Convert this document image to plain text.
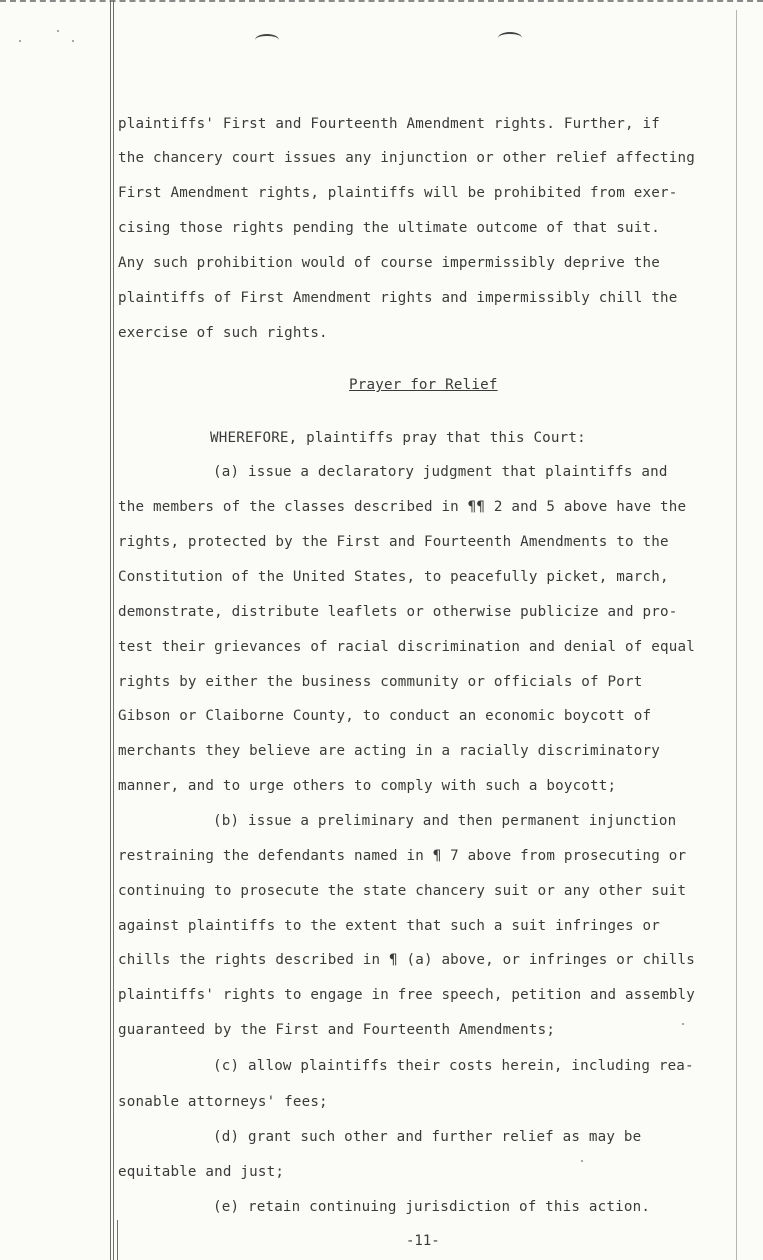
plaintiffs' First and Fourteenth Amendment rights. Further, if
the chancery court issues any injunction or other relief affecting
First Amendment rights, plaintiffs will be prohibited from exer-
cising those rights pending the ultimate outcome of that suit.
Any such prohibition would of course impermissibly deprive the
plaintiffs of First Amendment rights and impermissibly chill the
exercise of such rights.
Prayer for Relief
WHEREFORE, plaintiffs pray that this Court:
(a) issue a declaratory judgment that plaintiffs and
the members of the classes described in ¶¶ 2 and 5 above have the
rights, protected by the First and Fourteenth Amendments to the
Constitution of the United States, to peacefully picket, march,
demonstrate, distribute leaflets or otherwise publicize and pro-
test their grievances of racial discrimination and denial of equal
rights by either the business community or officials of Port
Gibson or Claiborne County, to conduct an economic boycott of
merchants they believe are acting in a racially discriminatory
manner, and to urge others to comply with such a boycott;
(b) issue a preliminary and then permanent injunction
restraining the defendants named in ¶ 7 above from prosecuting or
continuing to prosecute the state chancery suit or any other suit
against plaintiffs to the extent that such a suit infringes or
chills the rights described in ¶ (a) above, or infringes or chills
plaintiffs' rights to engage in free speech, petition and assembly
guaranteed by the First and Fourteenth Amendments;
(c) allow plaintiffs their costs herein, including rea-
sonable attorneys' fees;
(d) grant such other and further relief as may be
equitable and just;
(e) retain continuing jurisdiction of this action.
-11-
